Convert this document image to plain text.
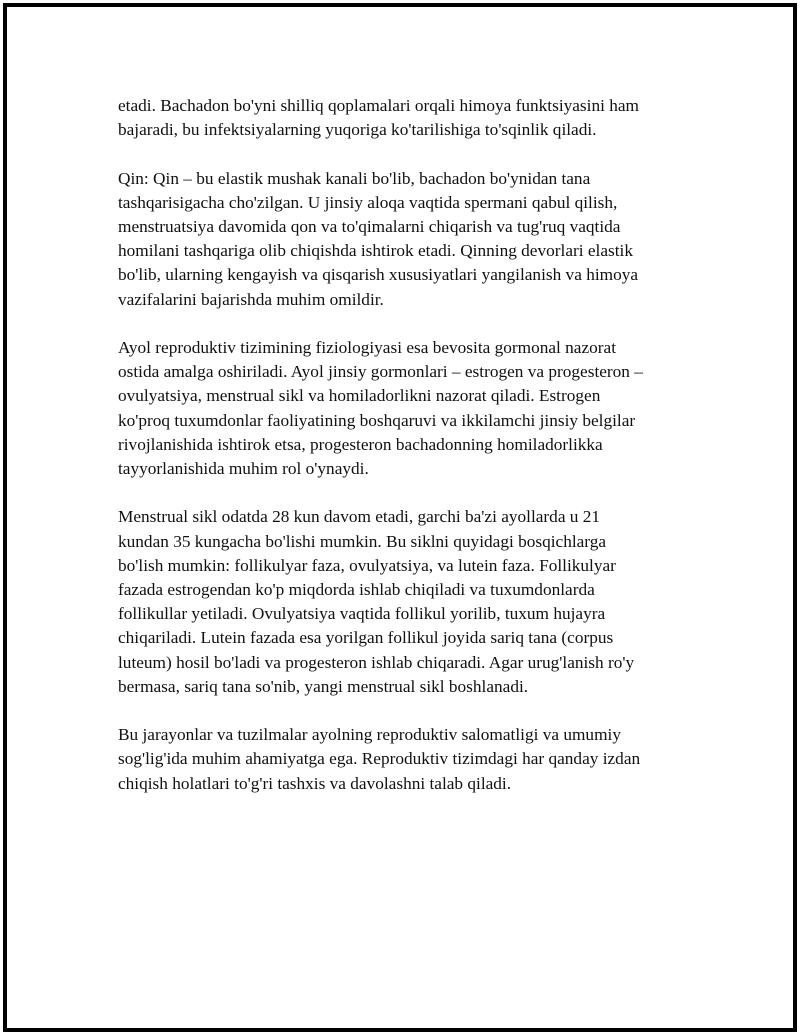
etadi. Bachadon bo'yni shilliq qoplamalari orqali himoya funktsiyasini ham
bajaradi, bu infektsiyalarning yuqoriga ko'tarilishiga to'sqinlik qiladi.

Qin: Qin – bu elastik mushak kanali bo'lib, bachadon bo'ynidan tana
tashqarisigacha cho'zilgan. U jinsiy aloqa vaqtida spermani qabul qilish,
menstruatsiya davomida qon va to'qimalarni chiqarish va tug'ruq vaqtida
homilani tashqariga olib chiqishda ishtirok etadi. Qinning devorlari elastik
bo'lib, ularning kengayish va qisqarish xususiyatlari yangilanish va himoya
vazifalarini bajarishda muhim omildir.

Ayol reproduktiv tizimining fiziologiyasi esa bevosita gormonal nazorat
ostida amalga oshiriladi. Ayol jinsiy gormonlari – estrogen va progesteron –
ovulyatsiya, menstrual sikl va homiladorlikni nazorat qiladi. Estrogen
ko'proq tuxumdonlar faoliyatining boshqaruvi va ikkilamchi jinsiy belgilar
rivojlanishida ishtirok etsa, progesteron bachadonning homiladorlikka
tayyorlanishida muhim rol o'ynaydi.

Menstrual sikl odatda 28 kun davom etadi, garchi ba'zi ayollarda u 21
kundan 35 kungacha bo'lishi mumkin. Bu siklni quyidagi bosqichlarga
bo'lish mumkin: follikulyar faza, ovulyatsiya, va lutein faza. Follikulyar
fazada estrogendan ko'p miqdorda ishlab chiqiladi va tuxumdonlarda
follikullar yetiladi. Ovulyatsiya vaqtida follikul yorilib, tuxum hujayra
chiqariladi. Lutein fazada esa yorilgan follikul joyida sariq tana (corpus
luteum) hosil bo'ladi va progesteron ishlab chiqaradi. Agar urug'lanish ro'y
bermasa, sariq tana so'nib, yangi menstrual sikl boshlanadi.

Bu jarayonlar va tuzilmalar ayolning reproduktiv salomatligi va umumiy
sog'lig'ida muhim ahamiyatga ega. Reproduktiv tizimdagi har qanday izdan
chiqish holatlari to'g'ri tashxis va davolashni talab qiladi.
